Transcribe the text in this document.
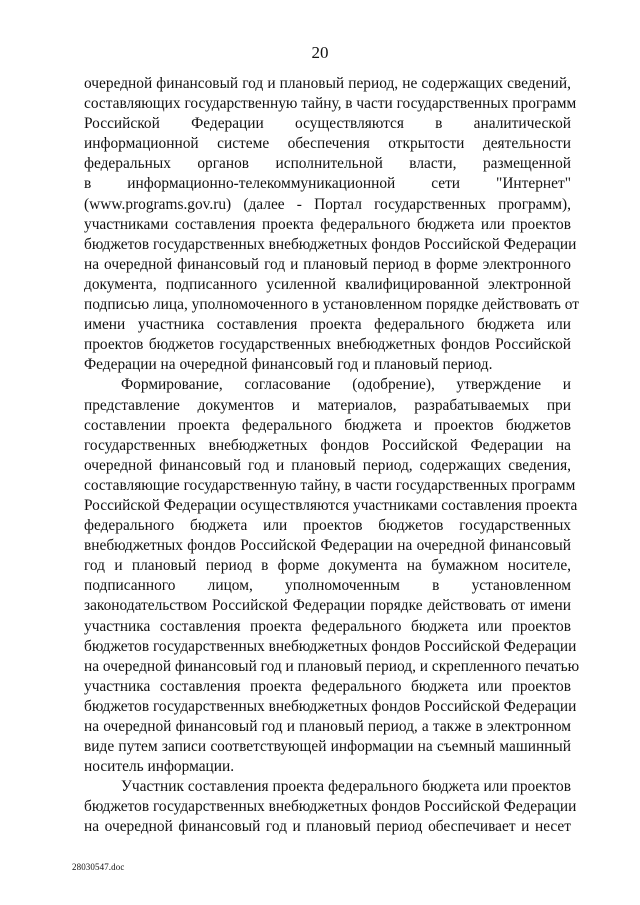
20
очередной финансовый год и плановый период, не содержащих сведений,
составляющих государственную тайну, в части государственных программ
Российской Федерации осуществляются в аналитической
информационной системе обеспечения открытости деятельности
федеральных органов исполнительной власти, размещенной
в информационно-телекоммуникационной сети "Интернет"
(www.programs.gov.ru) (далее - Портал государственных программ),
участниками составления проекта федерального бюджета или проектов
бюджетов государственных внебюджетных фондов Российской Федерации
на очередной финансовый год и плановый период в форме электронного
документа, подписанного усиленной квалифицированной электронной
подписью лица, уполномоченного в установленном порядке действовать от
имени участника составления проекта федерального бюджета или
проектов бюджетов государственных внебюджетных фондов Российской
Федерации на очередной финансовый год и плановый период.
Формирование, согласование (одобрение), утверждение и
представление документов и материалов, разрабатываемых при
составлении проекта федерального бюджета и проектов бюджетов
государственных внебюджетных фондов Российской Федерации на
очередной финансовый год и плановый период, содержащих сведения,
составляющие государственную тайну, в части государственных программ
Российской Федерации осуществляются участниками составления проекта
федерального бюджета или проектов бюджетов государственных
внебюджетных фондов Российской Федерации на очередной финансовый
год и плановый период в форме документа на бумажном носителе,
подписанного лицом, уполномоченным в установленном
законодательством Российской Федерации порядке действовать от имени
участника составления проекта федерального бюджета или проектов
бюджетов государственных внебюджетных фондов Российской Федерации
на очередной финансовый год и плановый период, и скрепленного печатью
участника составления проекта федерального бюджета или проектов
бюджетов государственных внебюджетных фондов Российской Федерации
на очередной финансовый год и плановый период, а также в электронном
виде путем записи соответствующей информации на съемный машинный
носитель информации.
Участник составления проекта федерального бюджета или проектов
бюджетов государственных внебюджетных фондов Российской Федерации
на очередной финансовый год и плановый период обеспечивает и несет
28030547.doc
